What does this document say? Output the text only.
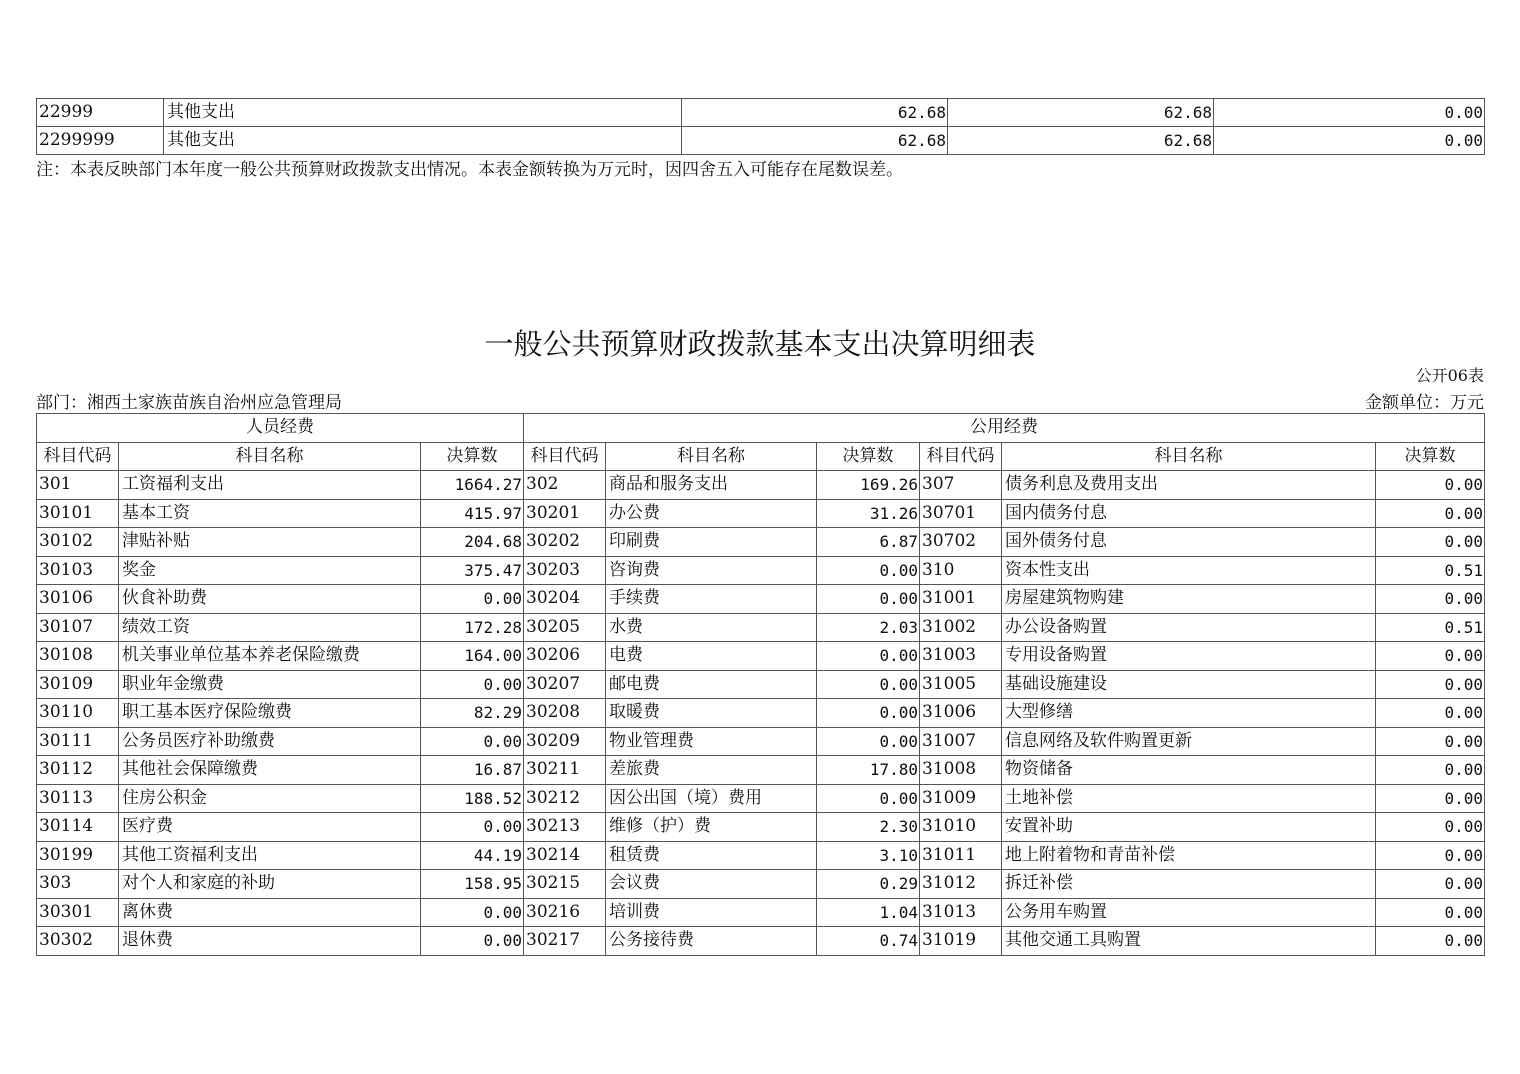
22999	其他支出	62.68	62.68	0.00
2299999	其他支出	62.68	62.68	0.00
注：本表反映部门本年度一般公共预算财政拨款支出情况。本表金额转换为万元时，因四舍五入可能存在尾数误差。
一般公共预算财政拨款基本支出决算明细表
公开06表
部门：湘西土家族苗族自治州应急管理局	金额单位：万元
人员经费			公用经费					
科目代码	科目名称	决算数	科目代码	科目名称	决算数	科目代码	科目名称	决算数
301	工资福利支出	1664.27	302	商品和服务支出	169.26	307	债务利息及费用支出	0.00
30101	基本工资	415.97	30201	办公费	31.26	30701	国内债务付息	0.00
30102	津贴补贴	204.68	30202	印刷费	6.87	30702	国外债务付息	0.00
30103	奖金	375.47	30203	咨询费	0.00	310	资本性支出	0.51
30106	伙食补助费	0.00	30204	手续费	0.00	31001	房屋建筑物购建	0.00
30107	绩效工资	172.28	30205	水费	2.03	31002	办公设备购置	0.51
30108	机关事业单位基本养老保险缴费	164.00	30206	电费	0.00	31003	专用设备购置	0.00
30109	职业年金缴费	0.00	30207	邮电费	0.00	31005	基础设施建设	0.00
30110	职工基本医疗保险缴费	82.29	30208	取暖费	0.00	31006	大型修缮	0.00
30111	公务员医疗补助缴费	0.00	30209	物业管理费	0.00	31007	信息网络及软件购置更新	0.00
30112	其他社会保障缴费	16.87	30211	差旅费	17.80	31008	物资储备	0.00
30113	住房公积金	188.52	30212	因公出国（境）费用	0.00	31009	土地补偿	0.00
30114	医疗费	0.00	30213	维修（护）费	2.30	31010	安置补助	0.00
30199	其他工资福利支出	44.19	30214	租赁费	3.10	31011	地上附着物和青苗补偿	0.00
303	对个人和家庭的补助	158.95	30215	会议费	0.29	31012	拆迁补偿	0.00
30301	离休费	0.00	30216	培训费	1.04	31013	公务用车购置	0.00
30302	退休费	0.00	30217	公务接待费	0.74	31019	其他交通工具购置	0.00
